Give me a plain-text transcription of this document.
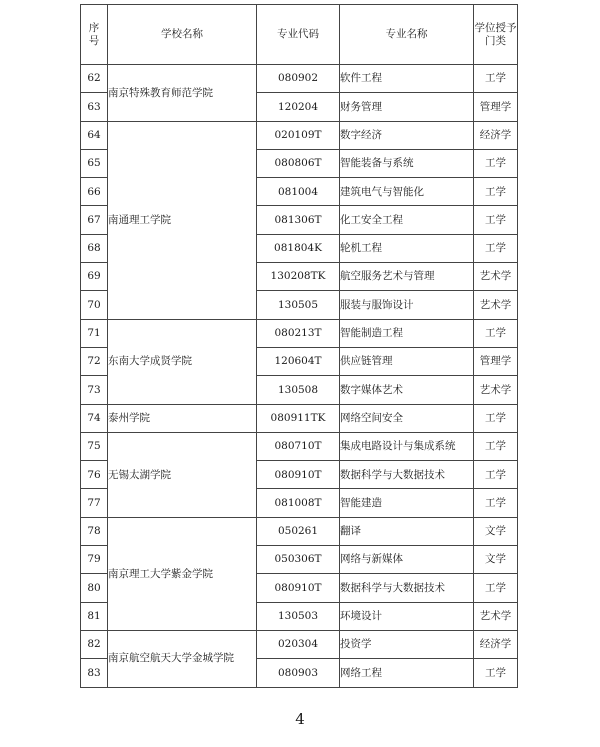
序
号	学校名称	专业代码	专业名称	学位授予
门类
62	南京特殊教育师范学院	080902	软件工程	工学
63		120204	财务管理	管理学
64	南通理工学院	020109T	数字经济	经济学
65		080806T	智能装备与系统	工学
66		081004	建筑电气与智能化	工学
67		081306T	化工安全工程	工学
68		081804K	轮机工程	工学
69		130208TK	航空服务艺术与管理	艺术学
70		130505	服装与服饰设计	艺术学
71	东南大学成贤学院	080213T	智能制造工程	工学
72		120604T	供应链管理	管理学
73		130508	数字媒体艺术	艺术学
74	泰州学院	080911TK	网络空间安全	工学
75	无锡太湖学院	080710T	集成电路设计与集成系统	工学
76		080910T	数据科学与大数据技术	工学
77		081008T	智能建造	工学
78	南京理工大学紫金学院	050261	翻译	文学
79		050306T	网络与新媒体	文学
80		080910T	数据科学与大数据技术	工学
81		130503	环境设计	艺术学
82	南京航空航天大学金城学院	020304	投资学	经济学
83		080903	网络工程	工学
4
